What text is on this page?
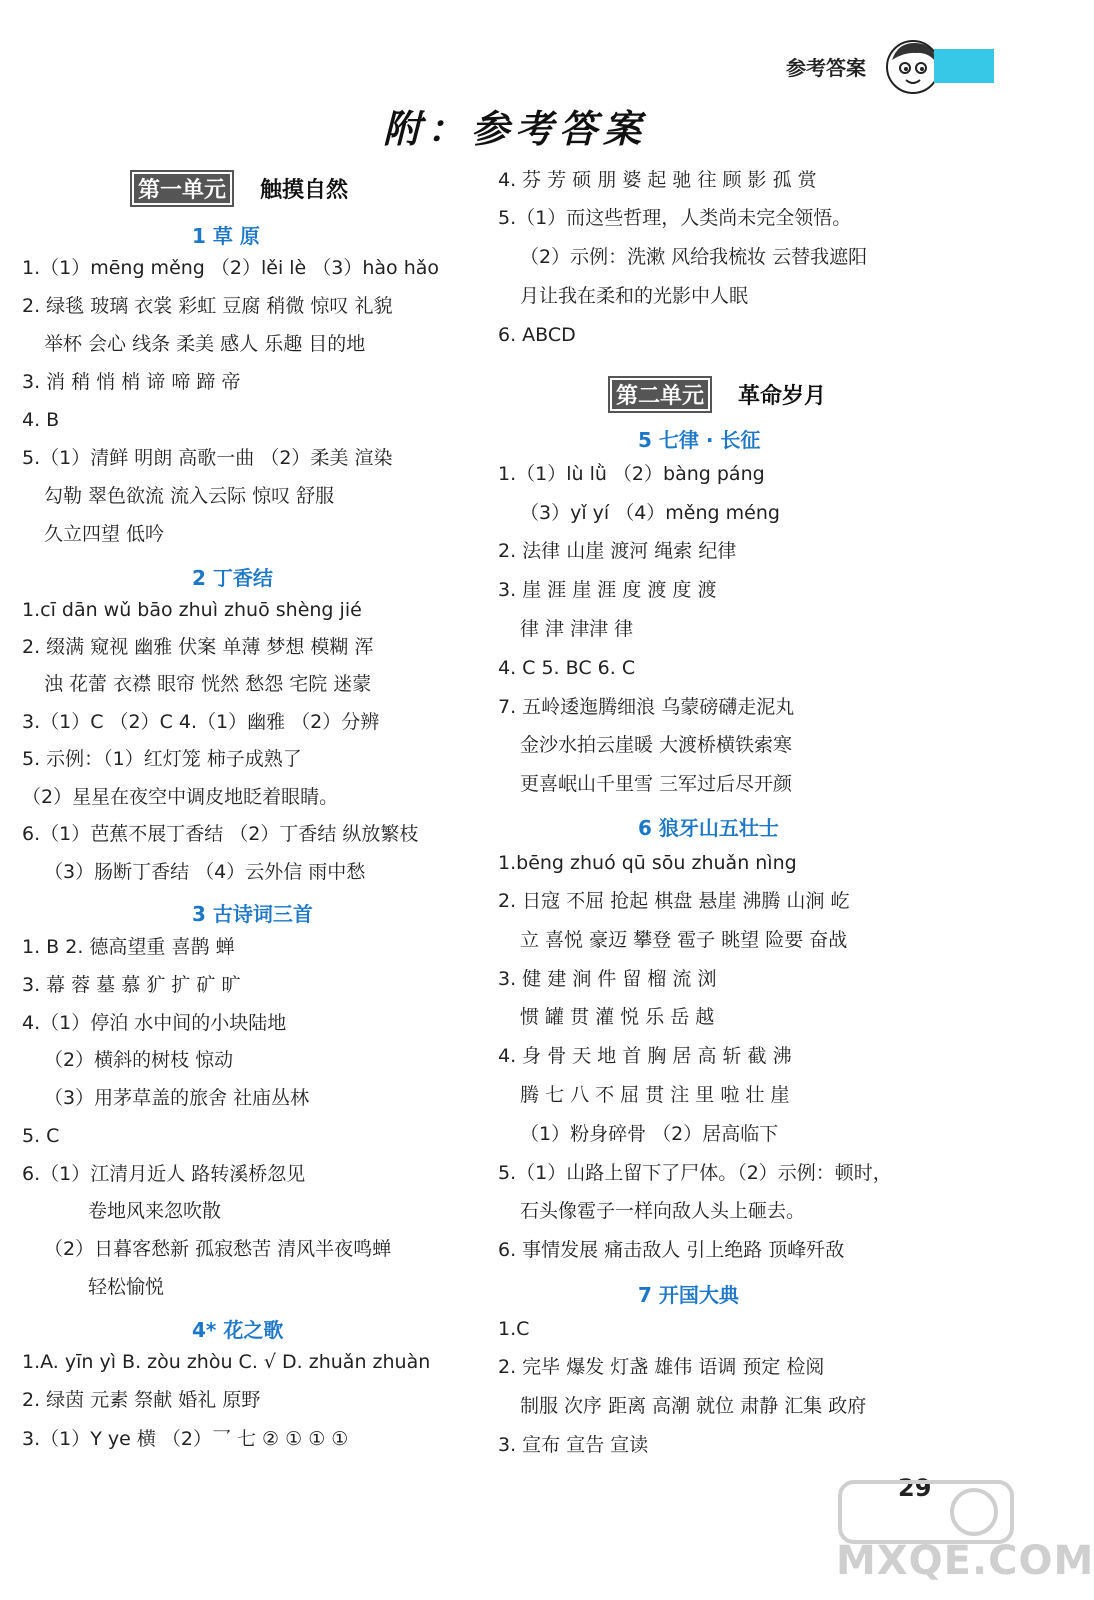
参考答案
附：参考答案
第一单元 触摸自然
1 草 原
1.（1）mēng měng （2）lěi lè （3）hào hǎo
2. 绿毯 玻璃 衣裳 彩虹 豆腐 稍微 惊叹 礼貌
举杯 会心 线条 柔美 感人 乐趣 目的地
3. 消 稍 悄 梢 谛 啼 蹄 帝
4. B
5.（1）清鲜 明朗 高歌一曲 （2）柔美 渲染
勾勒 翠色欲流 流入云际 惊叹 舒服
久立四望 低吟
2 丁香结
1.cī dān wǔ bāo zhuì zhuō shèng jié
2. 缀满 窥视 幽雅 伏案 单薄 梦想 模糊 浑
浊 花蕾 衣襟 眼帘 恍然 愁怨 宅院 迷蒙
3.（1）C （2）C 4.（1）幽雅 （2）分辨
5. 示例：（1）红灯笼 柿子成熟了
（2）星星在夜空中调皮地眨着眼睛。
6.（1）芭蕉不展丁香结 （2）丁香结 纵放繁枝
（3）肠断丁香结 （4）云外信 雨中愁
3 古诗词三首
1. B 2. 德高望重 喜鹊 蝉
3. 幕 蓉 墓 慕 犷 扩 矿 旷
4.（1）停泊 水中间的小块陆地
（2）横斜的树枝 惊动
（3）用茅草盖的旅舍 社庙丛林
5. C
6.（1）江清月近人 路转溪桥忽见
卷地风来忽吹散
（2）日暮客愁新 孤寂愁苦 清风半夜鸣蝉
轻松愉悦
4* 花之歌
1.A. yīn yì B. zòu zhòu C. √ D. zhuǎn zhuàn
2. 绿茵 元素 祭献 婚礼 原野
3.（1）Y ye 横 （2）乛 七 ② ① ① ①
4. 芬 芳 硕 朋 婆 起 驰 往 顾 影 孤 赏
5.（1）而这些哲理，人类尚未完全领悟。
（2）示例：洗漱 风给我梳妆 云替我遮阳
月让我在柔和的光影中人眠
6. ABCD
第二单元 革命岁月
5 七律 · 长征
1.（1）lù lǜ （2）bàng páng
（3）yǐ yí （4）měng méng
2. 法律 山崖 渡河 绳索 纪律
3. 崖 涯 崖 涯 度 渡 度 渡
律 津 津津 律
4. C 5. BC 6. C
7. 五岭逶迤腾细浪 乌蒙磅礴走泥丸
金沙水拍云崖暖 大渡桥横铁索寒
更喜岷山千里雪 三军过后尽开颜
6 狼牙山五壮士
1.bēng zhuó qū sōu zhuǎn nìng
2. 日寇 不屈 抢起 棋盘 悬崖 沸腾 山涧 屹
立 喜悦 豪迈 攀登 雹子 眺望 险要 奋战
3. 健 建 涧 件 留 榴 流 浏
惯 罐 贯 灌 悦 乐 岳 越
4. 身 骨 天 地 首 胸 居 高 斩 截 沸
腾 七 八 不 屈 贯 注 里 啦 壮 崖
（1）粉身碎骨 （2）居高临下
5.（1）山路上留下了尸体。（2）示例：顿时，
石头像雹子一样向敌人头上砸去。
6. 事情发展 痛击敌人 引上绝路 顶峰歼敌
7 开国大典
1.C
2. 完毕 爆发 灯盏 雄伟 语调 预定 检阅
制服 次序 距离 高潮 就位 肃静 汇集 政府
3. 宣布 宣告 宣读
29
MXQE.COM
